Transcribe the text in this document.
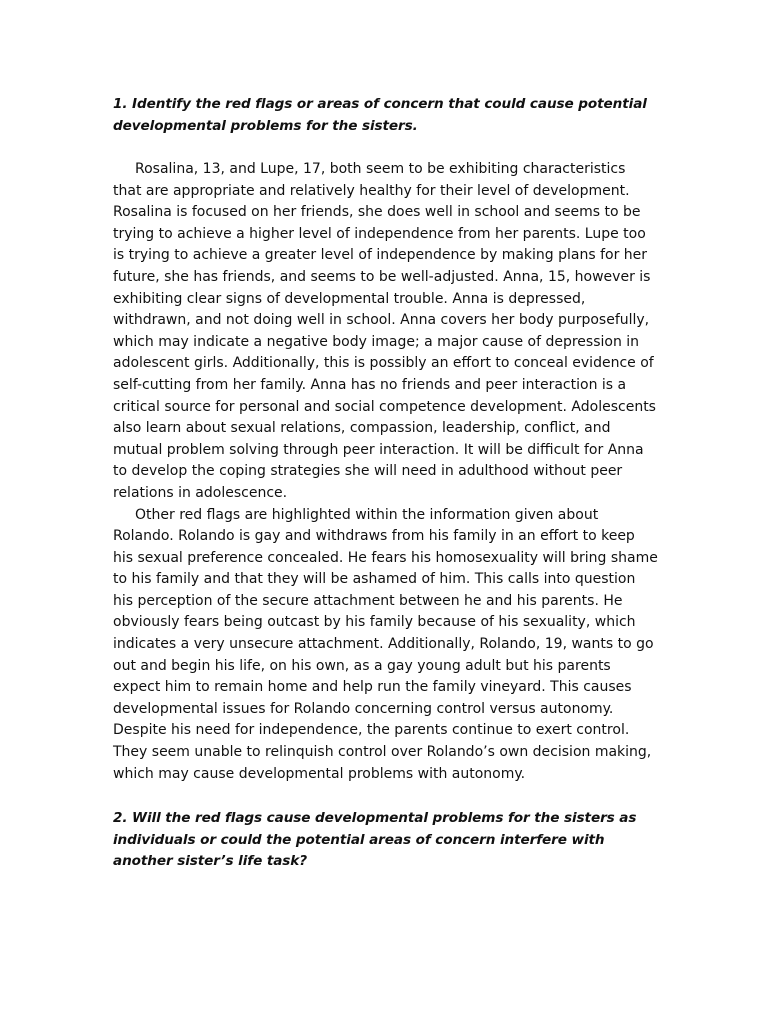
1. Identify the red flags or areas of concern that could cause potential developmental problems for the sisters.

Rosalina, 13, and Lupe, 17, both seem to be exhibiting characteristics that are appropriate and relatively healthy for their level of development. Rosalina is focused on her friends, she does well in school and seems to be trying to achieve a higher level of independence from her parents. Lupe too is trying to achieve a greater level of independence by making plans for her future, she has friends, and seems to be well-adjusted. Anna, 15, however is exhibiting clear signs of developmental trouble. Anna is depressed, withdrawn, and not doing well in school. Anna covers her body purposefully, which may indicate a negative body image; a major cause of depression in adolescent girls. Additionally, this is possibly an effort to conceal evidence of self-cutting from her family. Anna has no friends and peer interaction is a critical source for personal and social competence development. Adolescents also learn about sexual relations, compassion, leadership, conflict, and mutual problem solving through peer interaction. It will be difficult for Anna to develop the coping strategies she will need in adulthood without peer relations in adolescence.

Other red flags are highlighted within the information given about Rolando. Rolando is gay and withdraws from his family in an effort to keep his sexual preference concealed. He fears his homosexuality will bring shame to his family and that they will be ashamed of him. This calls into question his perception of the secure attachment between he and his parents. He obviously fears being outcast by his family because of his sexuality, which indicates a very unsecure attachment. Additionally, Rolando, 19, wants to go out and begin his life, on his own, as a gay young adult but his parents expect him to remain home and help run the family vineyard. This causes developmental issues for Rolando concerning control versus autonomy. Despite his need for independence, the parents continue to exert control. They seem unable to relinquish control over Rolando’s own decision making, which may cause developmental problems with autonomy.

2. Will the red flags cause developmental problems for the sisters as individuals or could the potential areas of concern interfere with another sister’s life task?
